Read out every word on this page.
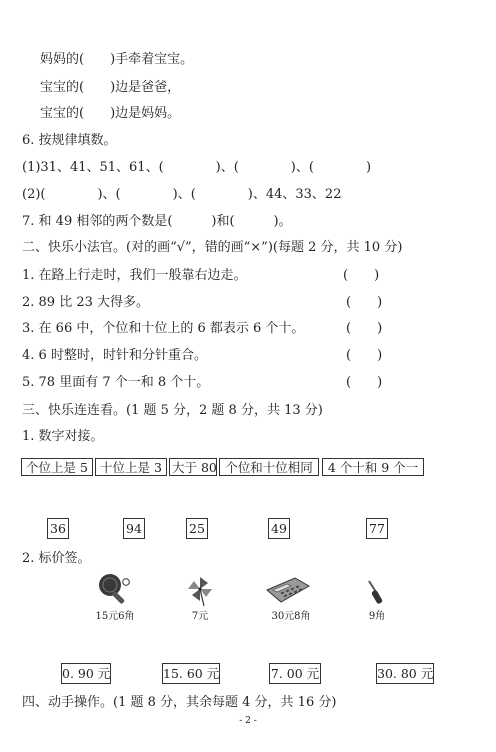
妈妈的(　　)手牵着宝宝。
宝宝的(　　)边是爸爸，
宝宝的(　　)边是妈妈。
6. 按规律填数。
(1)31、41、51、61、(　　　　)、(　　　　)、(　　　　)
(2)(　　　　)、(　　　　)、(　　　　)、44、33、22
7. 和 49 相邻的两个数是(　　　)和(　　　)。
二、快乐小法官。(对的画“√”，错的画“×”)(每题 2 分，共 10 分)
1. 在路上行走时，我们一般靠右边走。	(　　)
2. 89 比 23 大得多。	(　　)
3. 在 66 中，个位和十位上的 6 都表示 6 个十。	(　　)
4. 6 时整时，时针和分针重合。	(　　)
5. 78 里面有 7 个一和 8 个十。	(　　)
三、快乐连连看。(1 题 5 分，2 题 8 分，共 13 分)
1. 数字对接。
个位上是 5 十位上是 3 大于 80 个位和十位相同	4 个十和 9 个一
36	94	25	49	77
2. 标价签。
15元6角	7元	30元8角	9角
0. 90 元	15. 60 元	7. 00 元	30. 80 元
四、动手操作。(1 题 8 分，其余每题 4 分，共 16 分)
- 2 -
